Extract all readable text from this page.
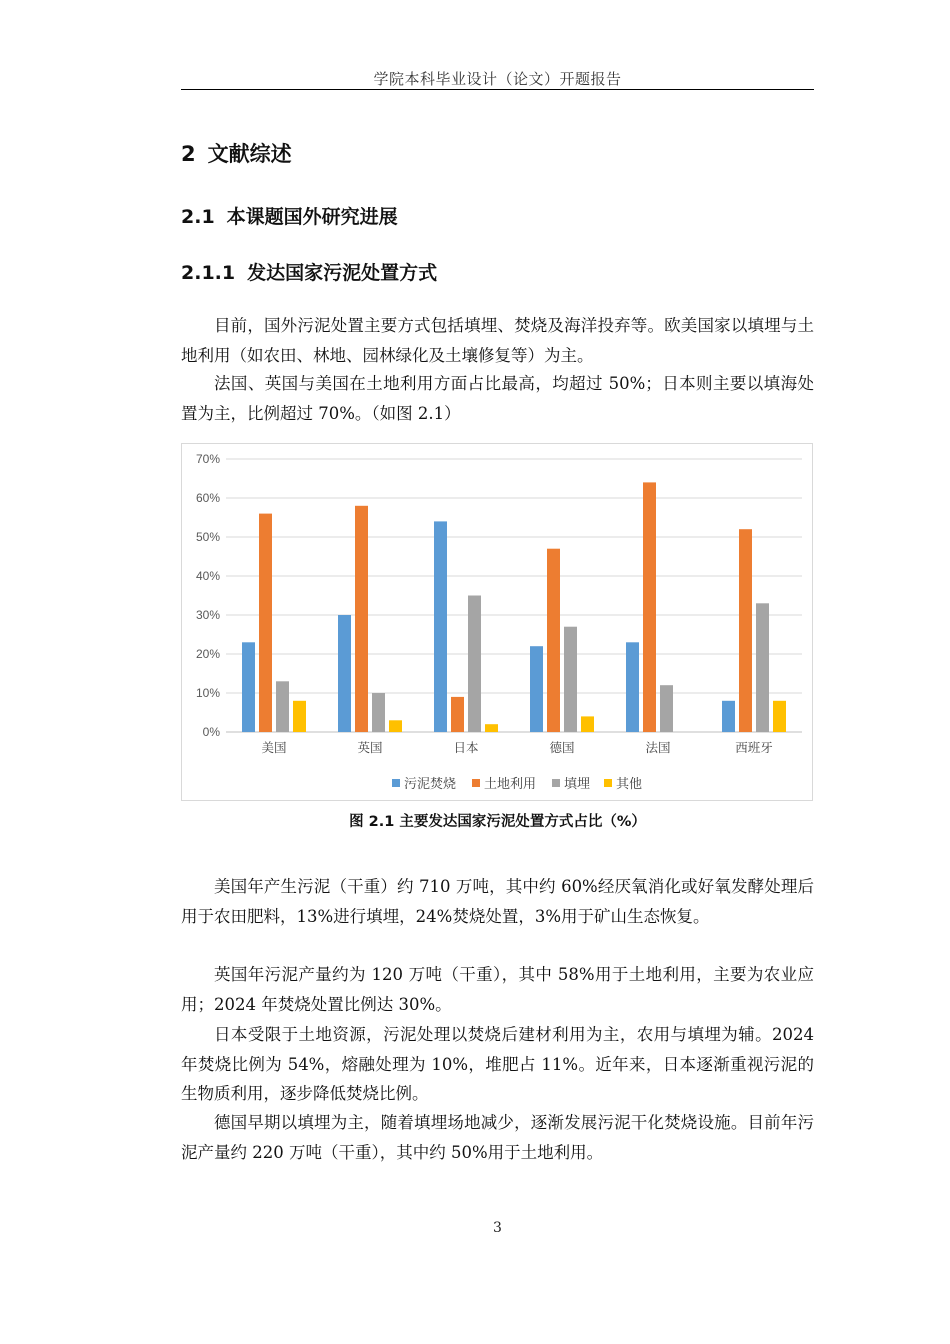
学院本科毕业设计（论文）开题报告
2 文献综述
2.1 本课题国外研究进展
2.1.1 发达国家污泥处置方式

目前，国外污泥处置主要方式包括填埋、焚烧及海洋投弃等。欧美国家以填埋与土地利用（如农田、林地、园林绿化及土壤修复等）为主。

法国、英国与美国在土地利用方面占比最高，均超过 50%；日本则主要以填海处置为主，比例超过 70%。（如图 2.1）

0%
10%
20%
30%
40%
50%
60%
70%
美国	英国	日本	德国	法国	西班牙
污泥焚烧 土地利用 填埋 其他
图 2.1 主要发达国家污泥处置方式占比（%）

美国年产生污泥（干重）约 710 万吨，其中约 60%经厌氧消化或好氧发酵处理后用于农田肥料，13%进行填埋，24%焚烧处置，3%用于矿山生态恢复。

英国年污泥产量约为 120 万吨（干重），其中 58%用于土地利用，主要为农业应用；2024 年焚烧处置比例达 30%。

日本受限于土地资源，污泥处理以焚烧后建材利用为主，农用与填埋为辅。2024 年焚烧比例为 54%，熔融处理为 10%，堆肥占 11%。近年来，日本逐渐重视污泥的生物质利用，逐步降低焚烧比例。

德国早期以填埋为主，随着填埋场地减少，逐渐发展污泥干化焚烧设施。目前年污泥产量约 220 万吨（干重），其中约 50%用于土地利用。

3
